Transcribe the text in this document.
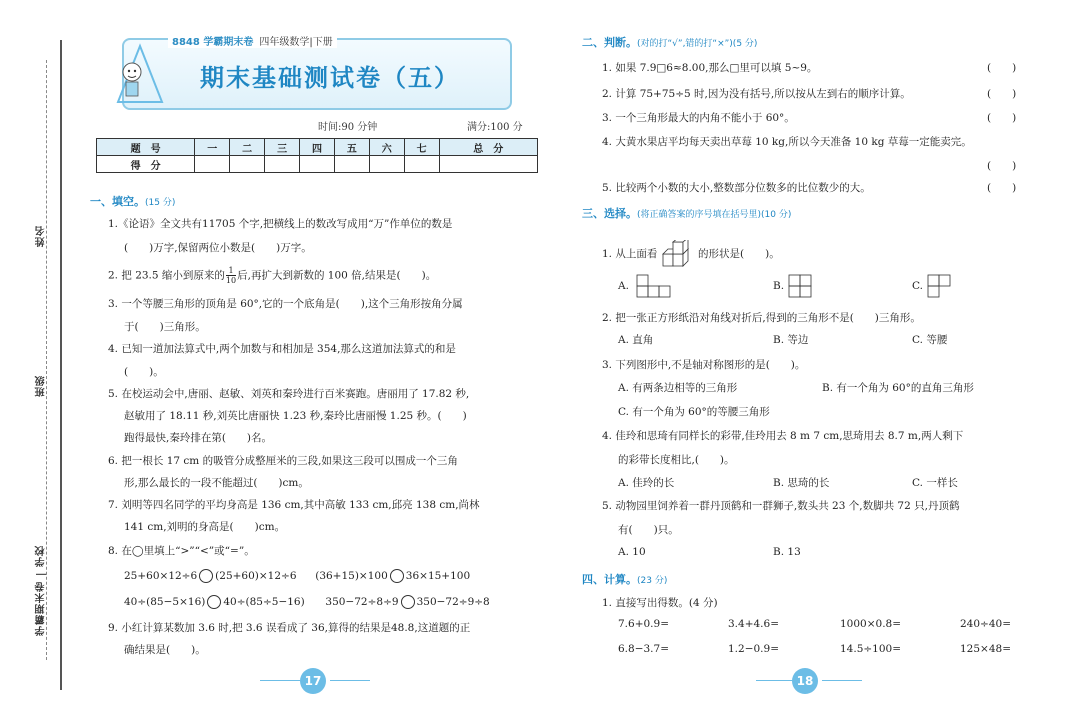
姓名
班级
学霸期末卷 | 学校
8848 学霸期末卷 四年级数学|下册
期末基础测试卷（五）
时间:90 分钟	满分:100 分
题　号	一	二	三	四	五	六	七	总　分
得　分								
一、填空。(15 分)
1.《论语》全文共有11705 个字,把横线上的数改写成用“万”作单位的数是
(　　)万字,保留两位小数是(　　)万字。
2. 把 23.5 缩小到原来的 $\frac{1}{10}$ 后,再扩大到新数的 100 倍,结果是(　　)。
3. 一个等腰三角形的顶角是 60°,它的一个底角是(　　),这个三角形按角分属
于(　　)三角形。
4. 已知一道加法算式中,两个加数与和相加是 354,那么这道加法算式的和是
(　　)。
5. 在校运动会中,唐丽、赵敏、刘英和秦玲进行百米赛跑。唐丽用了 17.82 秒,
赵敏用了 18.11 秒,刘英比唐丽快 1.23 秒,秦玲比唐丽慢 1.25 秒。(　　)
跑得最快,秦玲排在第(　　)名。
6. 把一根长 17 cm 的吸管分成整厘米的三段,如果这三段可以围成一个三角
形,那么最长的一段不能超过(　　)cm。
7. 刘明等四名同学的平均身高是 136 cm,其中高敏 133 cm,邱亮 138 cm,尚林
141 cm,刘明的身高是(　　)cm。
8. 在◯里填上“>”“<”或“=”。
25+60×12÷6 (25+60)×12÷6 (36+15)×100 36×15+100
40÷(85−5×16) 40÷(85÷5−16) 350−72÷8÷9 350−72÷9÷8
9. 小红计算某数加 3.6 时,把 3.6 误看成了 36,算得的结果是48.8,这道题的正
确结果是(　　)。
17
二、判断。(对的打“√”,错的打“×”)(5 分)
1. 如果 7.9□6≈8.00,那么□里可以填 5~9。	(　　)
2. 计算 75+75÷5 时,因为没有括号,所以按从左到右的顺序计算。	(　　)
3. 一个三角形最大的内角不能小于 60°。	(　　)
4. 大黄水果店平均每天卖出草莓 10 kg,所以今天准备 10 kg 草莓一定能卖完。
(　　)
5. 比较两个小数的大小,整数部分位数多的比位数少的大。	(　　)
三、选择。(将正确答案的序号填在括号里)(10 分)
1. 从上面看	的形状是(　　)。
A.	B.	C.
2. 把一张正方形纸沿对角线对折后,得到的三角形不是(　　)三角形。
A. 直角	B. 等边	C. 等腰
3. 下列图形中,不是轴对称图形的是(　　)。
A. 有两条边相等的三角形	B. 有一个角为 60°的直角三角形
C. 有一个角为 60°的等腰三角形
4. 佳玲和思琦有同样长的彩带,佳玲用去 8 m 7 cm,思琦用去 8.7 m,两人剩下
的彩带长度相比,(　　)。
A. 佳玲的长	B. 思琦的长	C. 一样长
5. 动物园里饲养着一群丹顶鹤和一群狮子,数头共 23 个,数脚共 72 只,丹顶鹤
有(　　)只。
A. 10	B. 13
四、计算。(23 分)
1. 直接写出得数。(4 分)
7.6+0.9=	3.4+4.6=	1000×0.8=	240÷40=
6.8−3.7=	1.2−0.9=	14.5÷100=	125×48=
18
